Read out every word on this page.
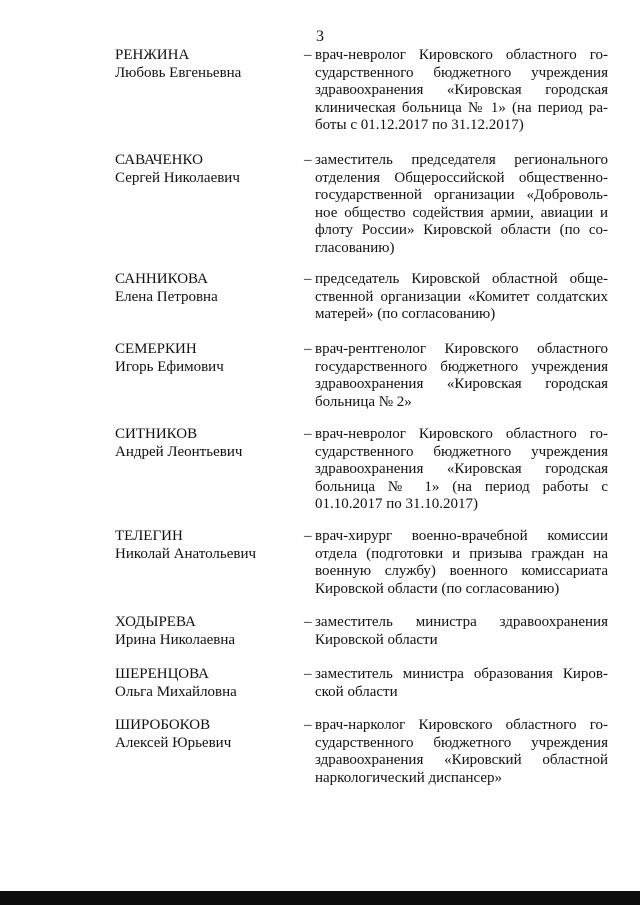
3
РЕНЖИНА
Любовь Евгеньевна
– врач-невролог Кировского областного государственного бюджетного учреждения здравоохранения «Кировская городская клиническая больница № 1» (на период работы с 01.12.2017 по 31.12.2017)
САВАЧЕНКО
Сергей Николаевич
– заместитель председателя регионального отделения Общероссийской общественно-государственной организации «Добровольное общество содействия армии, авиации и флоту России» Кировской области (по согласованию)
САННИКОВА
Елена Петровна
– председатель Кировской областной общественной организации «Комитет солдатских матерей» (по согласованию)
СЕМЕРКИН
Игорь Ефимович
– врач-рентгенолог Кировского областного государственного бюджетного учреждения здравоохранения «Кировская городская больница № 2»
СИТНИКОВ
Андрей Леонтьевич
– врач-невролог Кировского областного государственного бюджетного учреждения здравоохранения «Кировская городская больница № 1» (на период работы с 01.10.2017 по 31.10.2017)
ТЕЛЕГИН
Николай Анатольевич
– врач-хирург военно-врачебной комиссии отдела (подготовки и призыва граждан на военную службу) военного комиссариата Кировской области (по согласованию)
ХОДЫРЕВА
Ирина Николаевна
– заместитель министра здравоохранения Кировской области
ШЕРЕНЦОВА
Ольга Михайловна
– заместитель министра образования Кировской области
ШИРОБОКОВ
Алексей Юрьевич
– врач-нарколог Кировского областного государственного бюджетного учреждения здравоохранения «Кировский областной наркологический диспансер»
